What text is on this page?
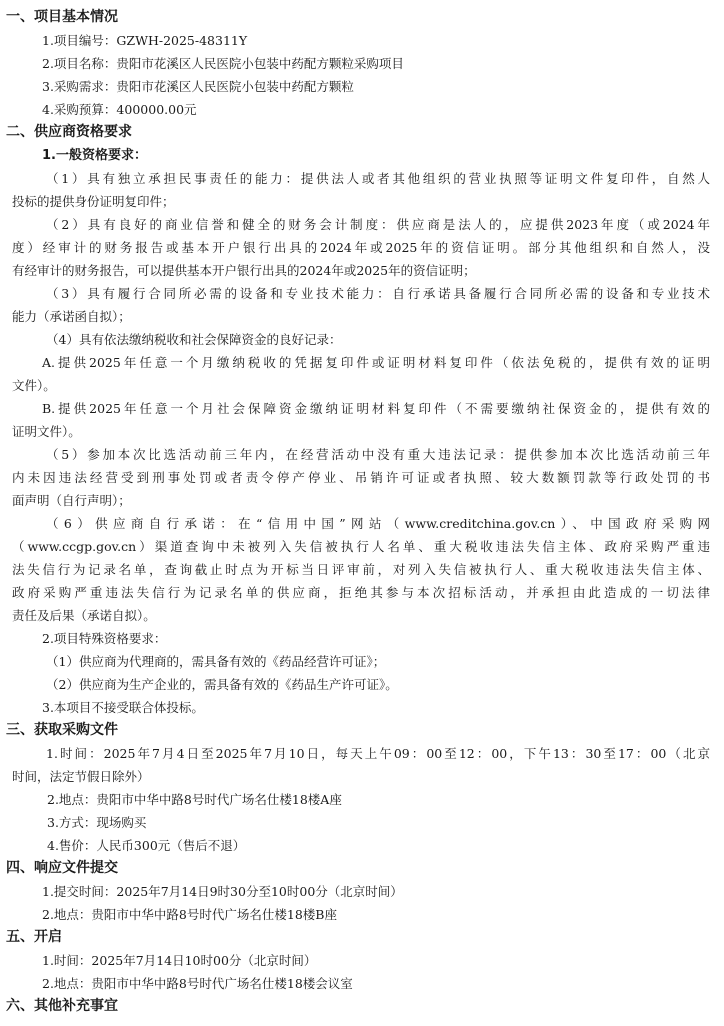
一、项目基本情况
1.项目编号：GZWH-2025-48311Y
2.项目名称：贵阳市花溪区人民医院小包装中药配方颗粒采购项目
3.采购需求：贵阳市花溪区人民医院小包装中药配方颗粒
4.采购预算：400000.00元
二、供应商资格要求
1.一般资格要求：
（1）具有独立承担民事责任的能力：提供法人或者其他组织的营业执照等证明文件复印件，自然人
投标的提供身份证明复印件；
（2）具有良好的商业信誉和健全的财务会计制度：供应商是法人的，应提供2023年度（或2024年
度）经审计的财务报告或基本开户银行出具的2024年或2025年的资信证明。部分其他组织和自然人，没
有经审计的财务报告，可以提供基本开户银行出具的2024年或2025年的资信证明；
（3）具有履行合同所必需的设备和专业技术能力：自行承诺具备履行合同所必需的设备和专业技术
能力（承诺函自拟）；
（4）具有依法缴纳税收和社会保障资金的良好记录：
A.提供2025年任意一个月缴纳税收的凭据复印件或证明材料复印件（依法免税的，提供有效的证明
文件）。
B.提供2025年任意一个月社会保障资金缴纳证明材料复印件（不需要缴纳社保资金的，提供有效的
证明文件）。
（5）参加本次比选活动前三年内，在经营活动中没有重大违法记录：提供参加本次比选活动前三年
内未因违法经营受到刑事处罚或者责令停产停业、吊销许可证或者执照、较大数额罚款等行政处罚的书
面声明（自行声明）；
（6）供应商自行承诺：在“信用中国”网站（www.creditchina.gov.cn）、中国政府采购网
（www.ccgp.gov.cn）渠道查询中未被列入失信被执行人名单、重大税收违法失信主体、政府采购严重违
法失信行为记录名单，查询截止时点为开标当日评审前，对列入失信被执行人、重大税收违法失信主体、
政府采购严重违法失信行为记录名单的供应商，拒绝其参与本次招标活动，并承担由此造成的一切法律
责任及后果（承诺自拟）。
2.项目特殊资格要求：
（1）供应商为代理商的，需具备有效的《药品经营许可证》；
（2）供应商为生产企业的，需具备有效的《药品生产许可证》。
3.本项目不接受联合体投标。
三、获取采购文件
1.时间：2025年7月4日至2025年7月10日，每天上午09：00至12：00，下午13：30至17：00（北京
时间，法定节假日除外）
2.地点：贵阳市中华中路8号时代广场名仕楼18楼A座
3.方式：现场购买
4.售价：人民币300元（售后不退）
四、响应文件提交
1.提交时间：2025年7月14日9时30分至10时00分（北京时间）
2.地点：贵阳市中华中路8号时代广场名仕楼18楼B座
五、开启
1.时间：2025年7月14日10时00分（北京时间）
2.地点：贵阳市中华中路8号时代广场名仕楼18楼会议室
六、其他补充事宜
